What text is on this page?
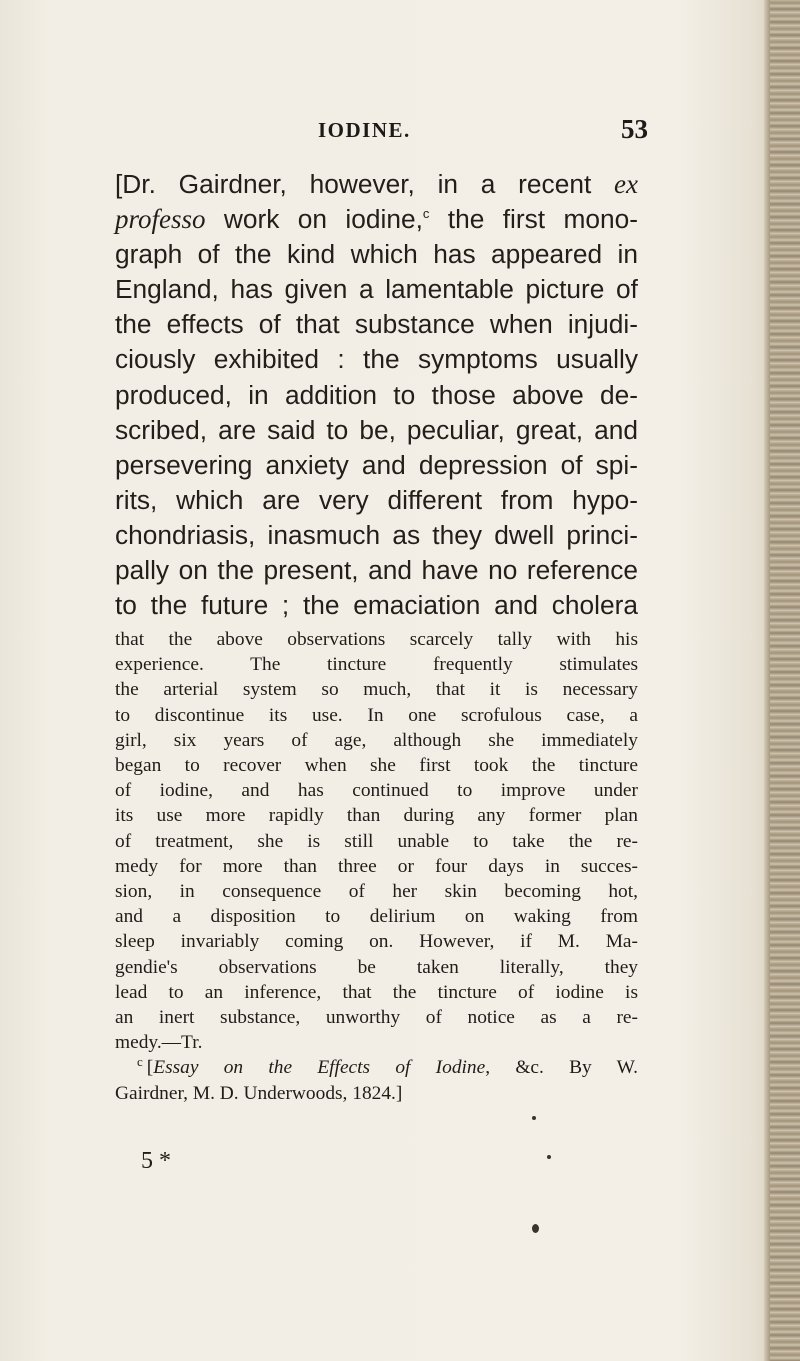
IODINE.	53
[Dr. Gairdner, however, in a recent ex
professo work on iodine,$^c$ the first mono-
graph of the kind which has appeared in
England, has given a lamentable picture of
the effects of that substance when injudi-
ciously exhibited : the symptoms usually
produced, in addition to those above de-
scribed, are said to be, peculiar, great, and
persevering anxiety and depression of spi-
rits, which are very different from hypo-
chondriasis, inasmuch as they dwell princi-
pally on the present, and have no reference
to the future ; the emaciation and cholera
that the above observations scarcely tally with his
experience. The tincture frequently stimulates
the arterial system so much, that it is necessary
to discontinue its use. In one scrofulous case, a
girl, six years of age, although she immediately
began to recover when she first took the tincture
of iodine, and has continued to improve under
its use more rapidly than during any former plan
of treatment, she is still unable to take the re-
medy for more than three or four days in succes-
sion, in consequence of her skin becoming hot,
and a disposition to delirium on waking from
sleep invariably coming on. However, if M. Ma-
gendie's observations be taken literally, they
lead to an inference, that the tincture of iodine is
an inert substance, unworthy of notice as a re-
medy.—Tr.
$^c$ [Essay on the Effects of Iodine, &c. By W.
Gairdner, M. D. Underwoods, 1824.]
5 *
